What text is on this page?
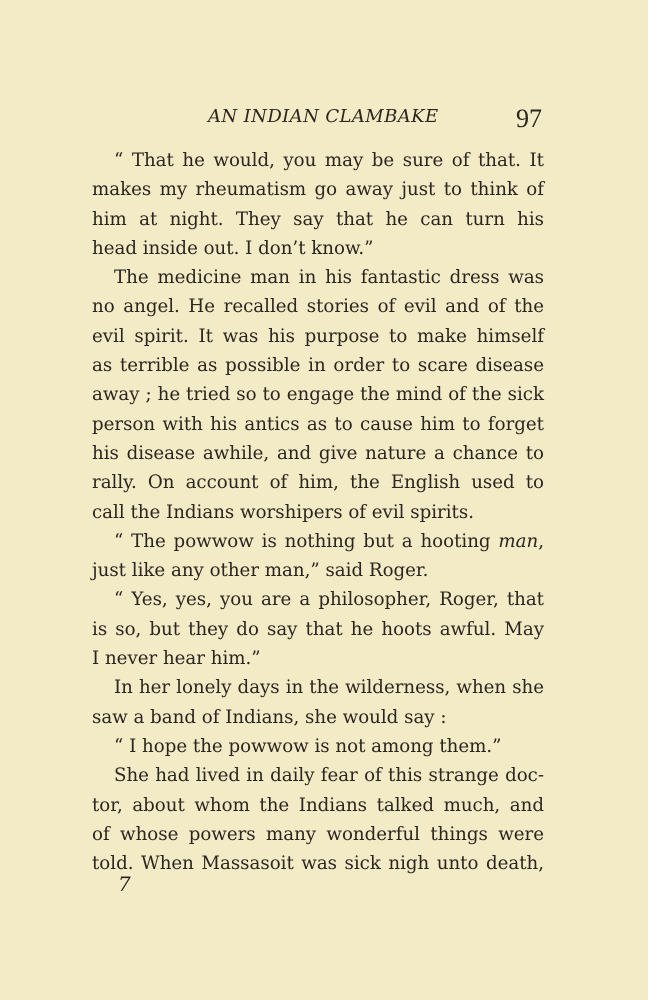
AN INDIAN CLAMBAKE	97
“ That he would, you may be sure of that. It
makes my rheumatism go away just to think of
him at night. They say that he can turn his
head inside out. I don’t know.”
The medicine man in his fantastic dress was
no angel. He recalled stories of evil and of the
evil spirit. It was his purpose to make himself
as terrible as possible in order to scare disease
away ; he tried so to engage the mind of the sick
person with his antics as to cause him to forget
his disease awhile, and give nature a chance to
rally. On account of him, the English used to
call the Indians worshipers of evil spirits.
“ The powwow is nothing but a hooting man,
just like any other man,” said Roger.
“ Yes, yes, you are a philosopher, Roger, that
is so, but they do say that he hoots awful. May
I never hear him.”
In her lonely days in the wilderness, when she
saw a band of Indians, she would say :
“ I hope the powwow is not among them.”
She had lived in daily fear of this strange doc-
tor, about whom the Indians talked much, and
of whose powers many wonderful things were
told. When Massasoit was sick nigh unto death,
7
